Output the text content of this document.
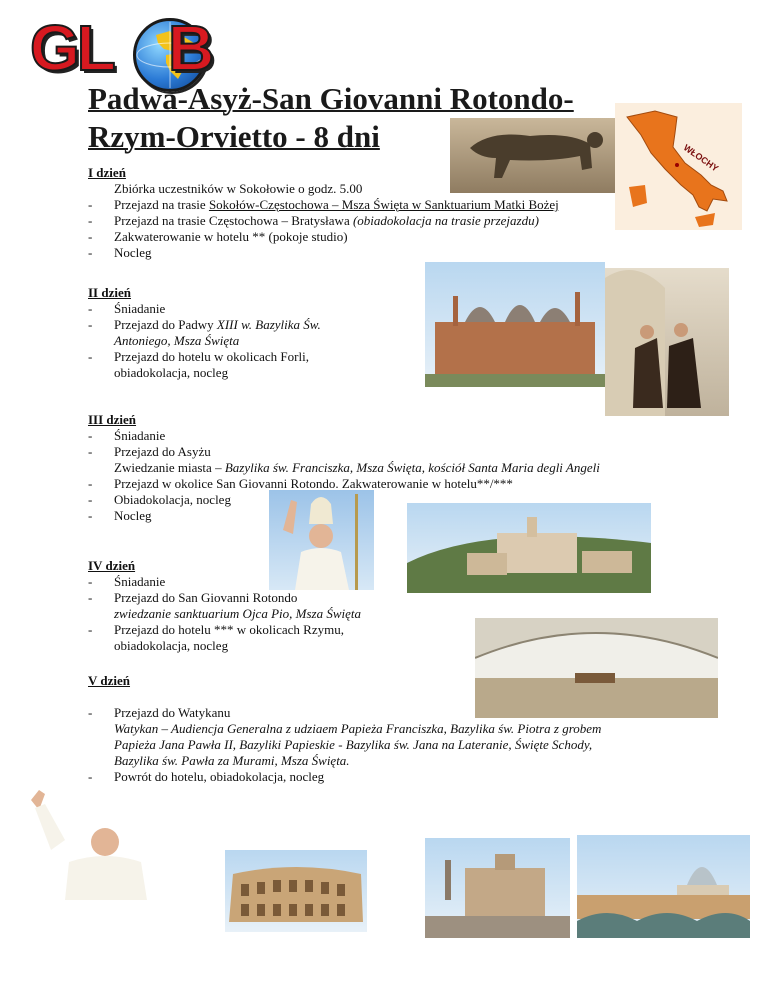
GL B
Padwa-Asyż-San Giovanni Rotondo-
Rzym-Orvietto - 8 dni
WŁOCHY
I dzień
Zbiórka uczestników w Sokołowie o godz. 5.00
-	Przejazd na trasie Sokołów-Częstochowa – Msza Święta w Sanktuarium Matki Bożej
-	Przejazd na trasie Częstochowa – Bratysława (obiadokolacja na trasie przejazdu)
-	Zakwaterowanie w hotelu ** (pokoje studio)
-	Nocleg
II dzień
-	Śniadanie
-	Przejazd do Padwy XIII w. Bazylika Św.
Antoniego, Msza Święta
-	Przejazd do hotelu w okolicach Forli,
obiadokolacja, nocleg
III dzień
-	Śniadanie
-	Przejazd do Asyżu
Zwiedzanie miasta – Bazylika św. Franciszka, Msza Święta, kościół Santa Maria degli Angeli
-	Przejazd w okolice San Giovanni Rotondo. Zakwaterowanie w hotelu**/***
-	Obiadokolacja, nocleg
-	Nocleg
IV dzień
-	Śniadanie
-	Przejazd do San Giovanni Rotondo
zwiedzanie sanktuarium Ojca Pio, Msza Święta
-	Przejazd do hotelu *** w okolicach Rzymu,
obiadokolacja, nocleg
V dzień
-	Przejazd do Watykanu
Watykan – Audiencja Generalna z udziaem Papieża Franciszka, Bazylika św. Piotra z grobem
Papieża Jana Pawła II, Bazyliki Papieskie - Bazylika św. Jana na Lateranie, Święte Schody,
Bazylika św. Pawła za Murami, Msza Święta.
-	Powrót do hotelu, obiadokolacja, nocleg
